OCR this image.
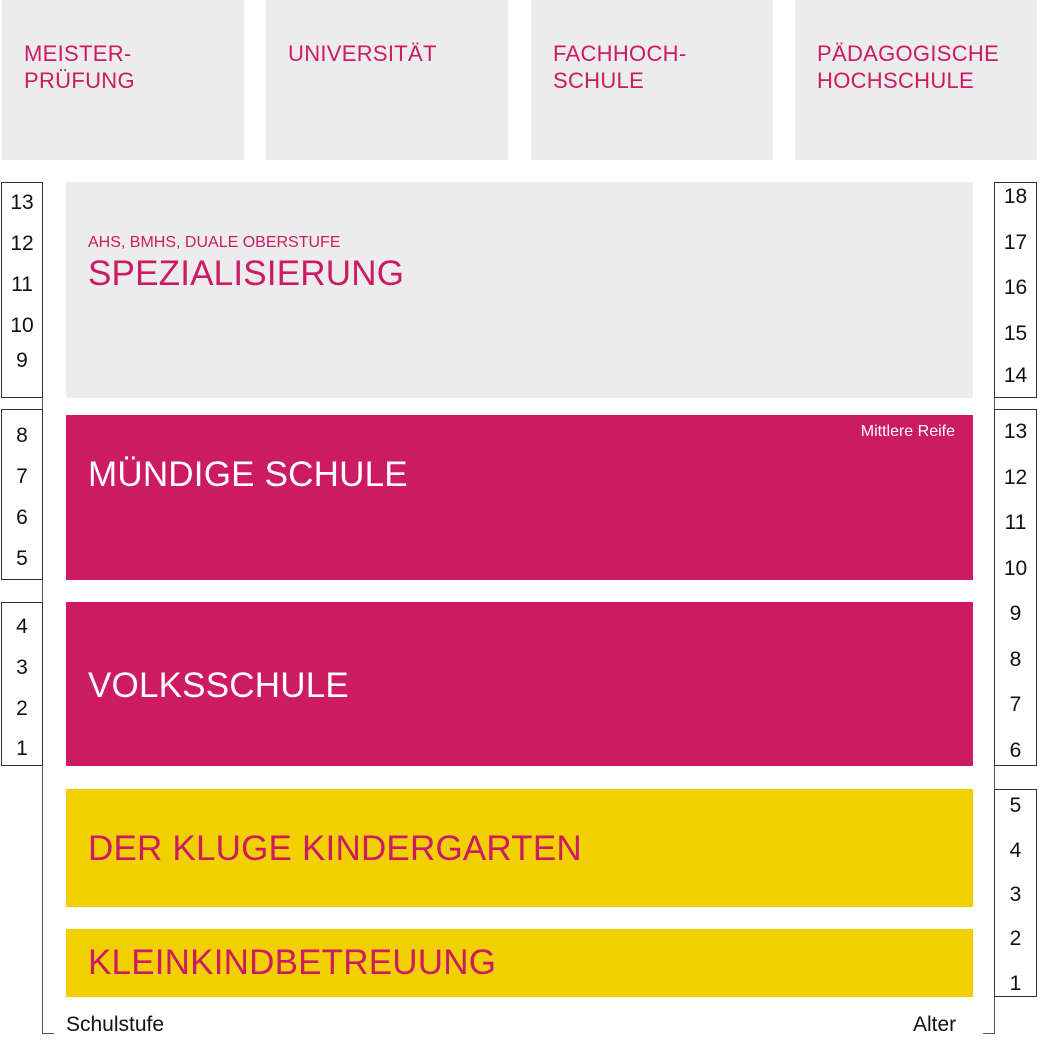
MEISTER-
PRÜFUNG

UNIVERSITÄT	FACHHOCH-
SCHULE

PÄDAGOGISCHE
HOCHSCHULE

AHS, BMHS, DUALE OBERSTUFE
SPEZIALISIERUNG
Mittlere Reife
MÜNDIGE SCHULE
VOLKSSCHULE
DER KLUGE KINDERGARTEN
KLEINKINDBETREUUNG
13
12
11
10
9
8
7
6
5
4
3
2
1
Schulstufe
18
17
16
15
14
13
12
11
10
9
8
7
6
5
4
3
2
1
Alter
